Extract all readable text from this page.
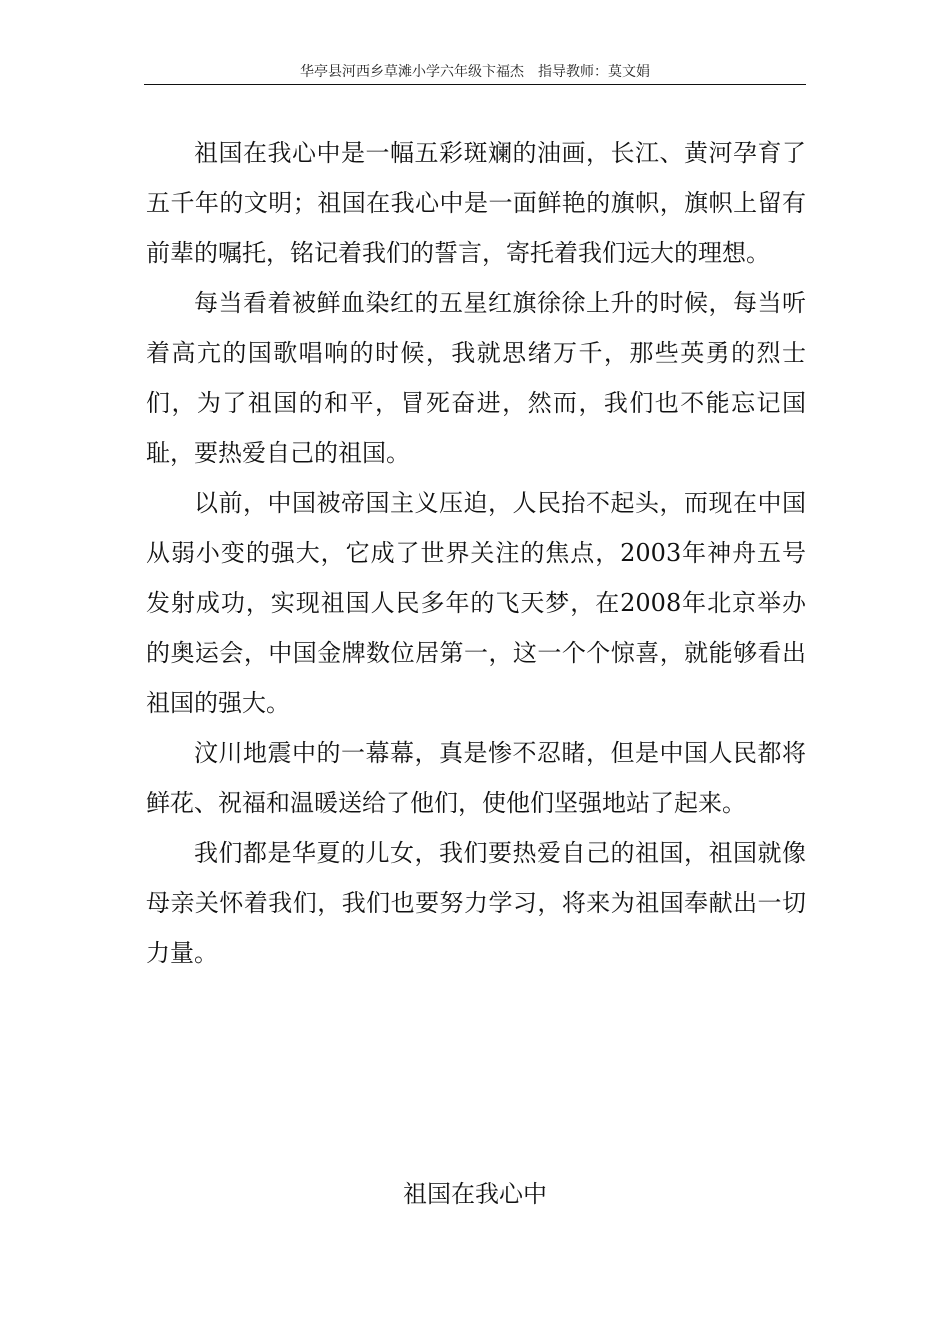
华亭县河西乡草滩小学六年级卞福杰　指导教师：莫文娟

祖国在我心中是一幅五彩斑斓的油画，长江、黄河孕育了五千年的文明；祖国在我心中是一面鲜艳的旗帜，旗帜上留有前辈的嘱托，铭记着我们的誓言，寄托着我们远大的理想。

每当看着被鲜血染红的五星红旗徐徐上升的时候，每当听着高亢的国歌唱响的时候，我就思绪万千，那些英勇的烈士们，为了祖国的和平，冒死奋进，然而，我们也不能忘记国耻，要热爱自己的祖国。

以前，中国被帝国主义压迫，人民抬不起头，而现在中国从弱小变的强大，它成了世界关注的焦点，2003年神舟五号发射成功，实现祖国人民多年的飞天梦，在2008年北京举办的奥运会，中国金牌数位居第一，这一个个惊喜，就能够看出祖国的强大。

汶川地震中的一幕幕，真是惨不忍睹，但是中国人民都将鲜花、祝福和温暖送给了他们，使他们坚强地站了起来。

我们都是华夏的儿女，我们要热爱自己的祖国，祖国就像母亲关怀着我们，我们也要努力学习，将来为祖国奉献出一切力量。

祖国在我心中
